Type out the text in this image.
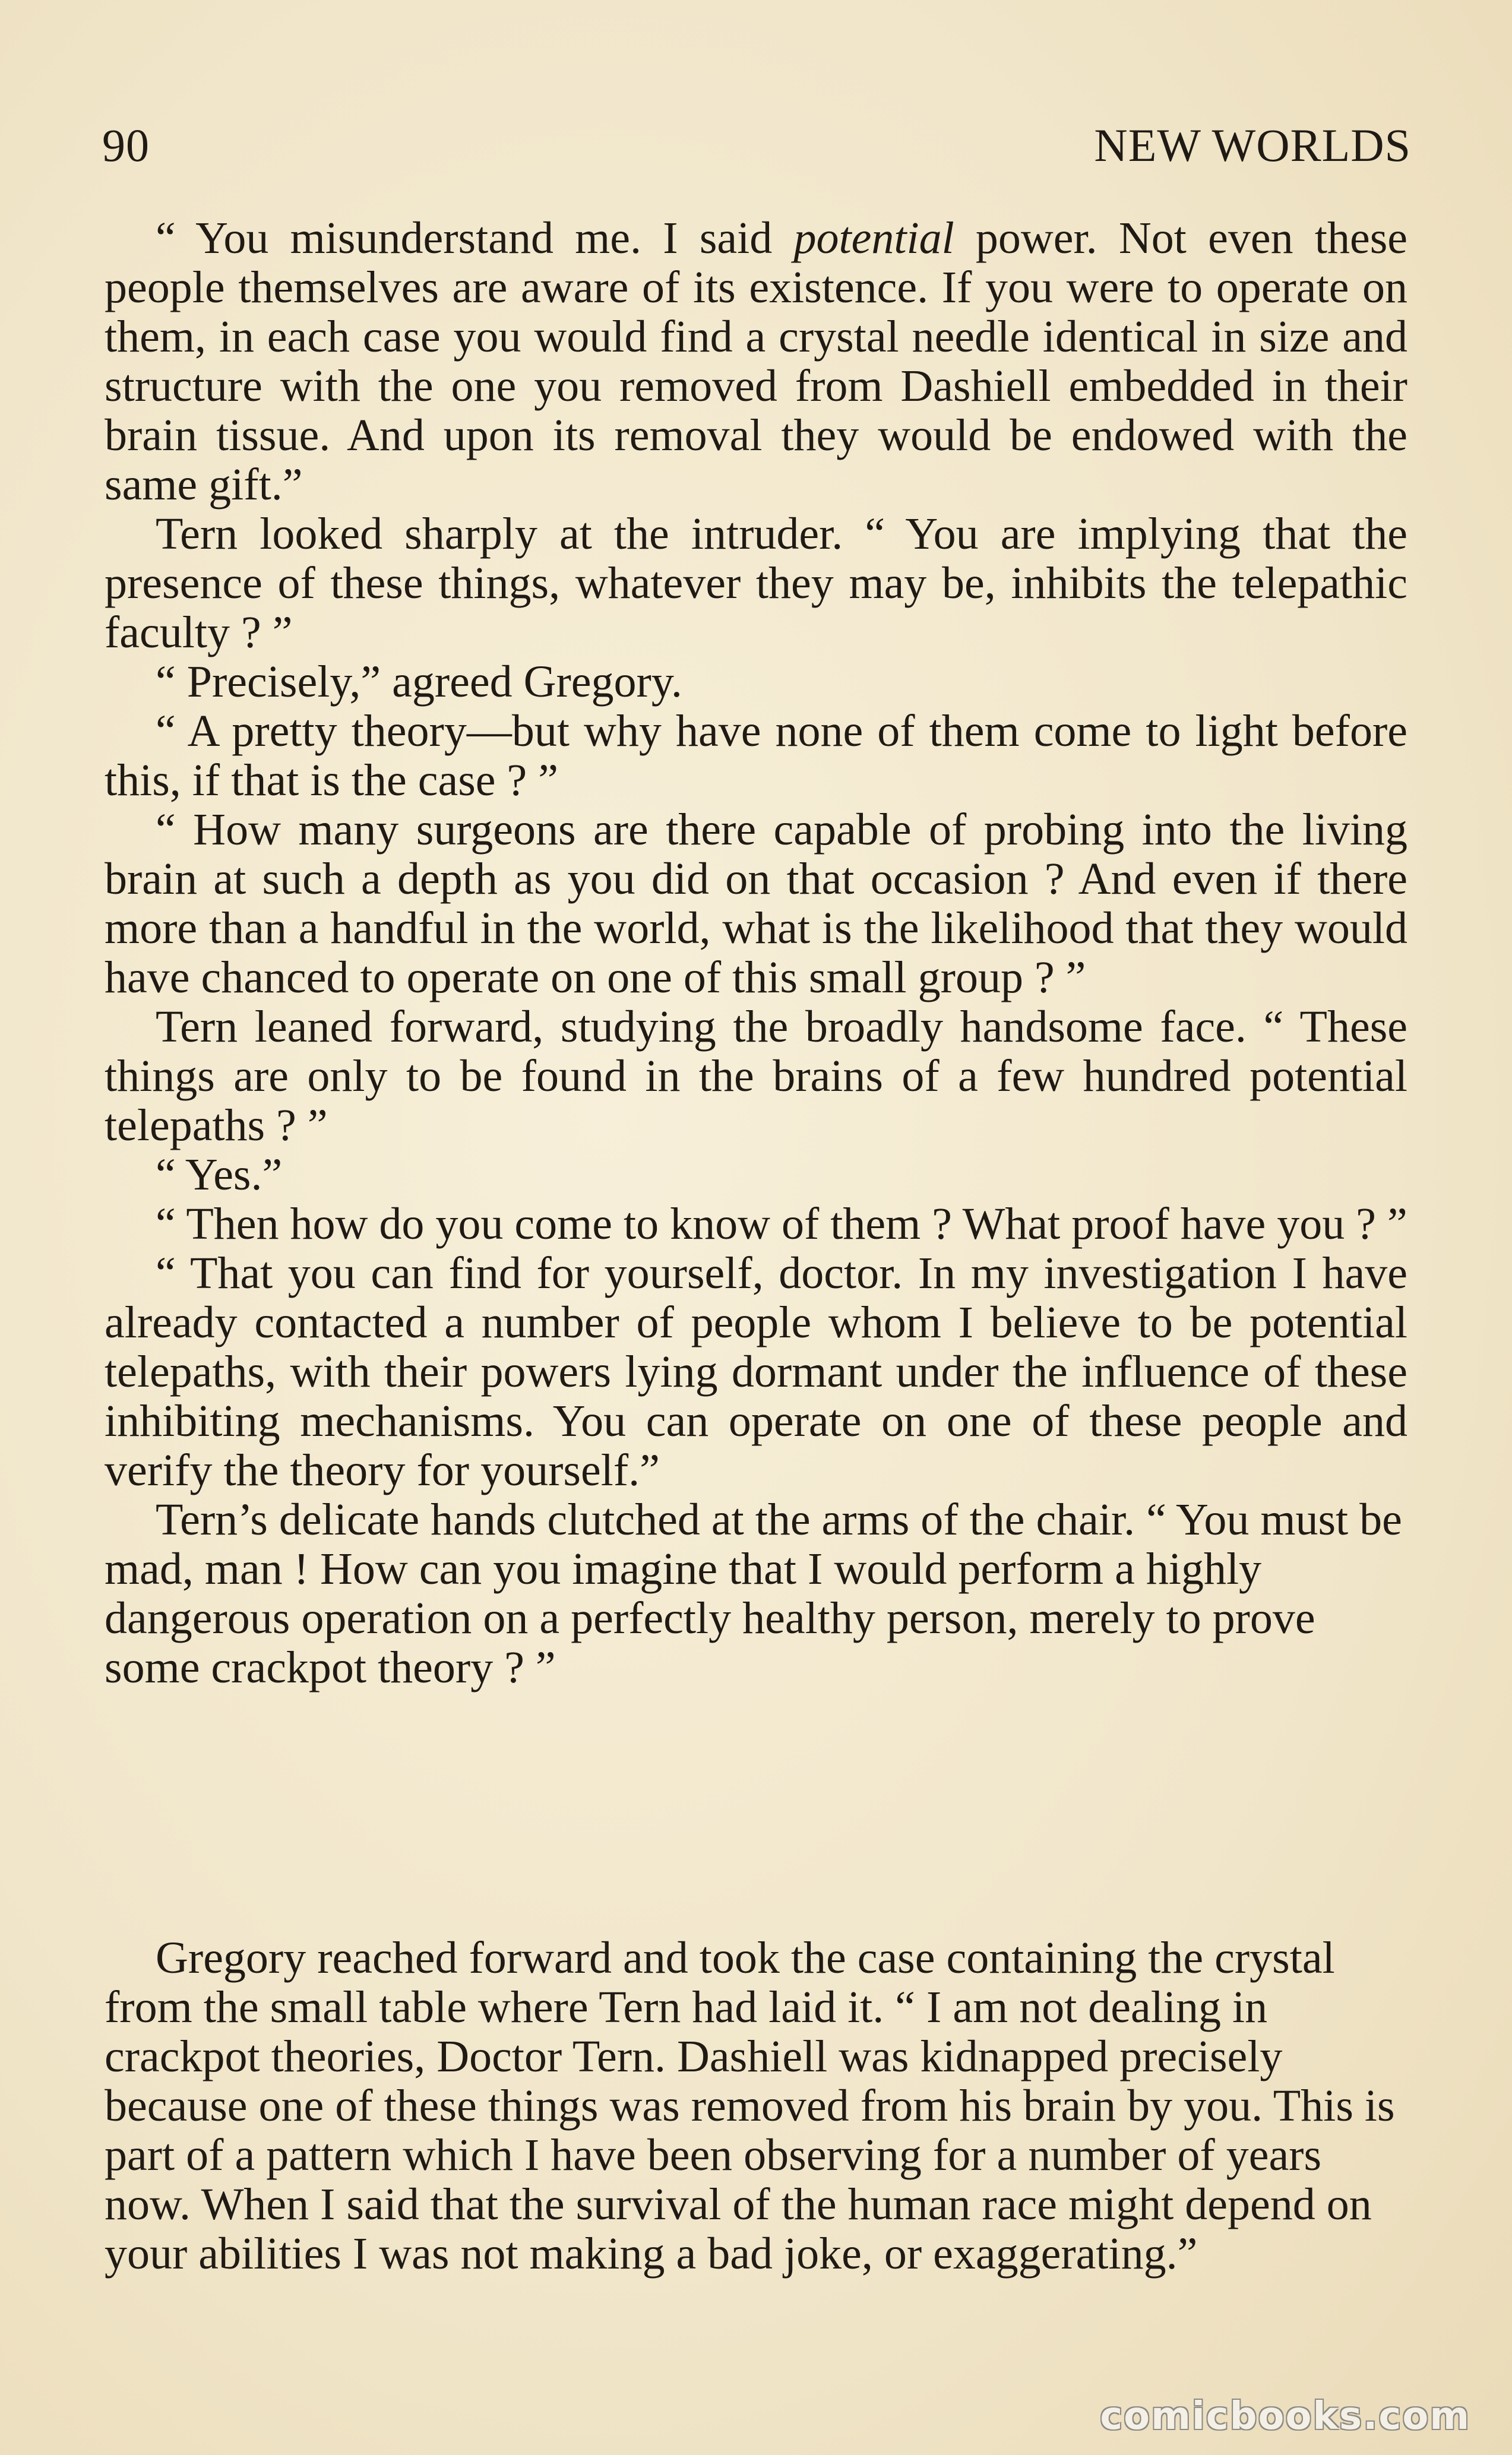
90	NEW WORLDS

“ You misunderstand me. I said potential power. Not even these people themselves are aware of its existence. If you were to operate on them, in each case you would find a crystal needle identical in size and structure with the one you removed from Dashiell embedded in their brain tissue. And upon its removal they would be endowed with the same gift.”

Tern looked sharply at the intruder. “ You are implying that the presence of these things, whatever they may be, inhibits the telepathic faculty ? ”

“ Precisely,” agreed Gregory.

“ A pretty theory—but why have none of them come to light before this, if that is the case ? ”

“ How many surgeons are there capable of probing into the living brain at such a depth as you did on that occasion ? And even if there more than a handful in the world, what is the likelihood that they would have chanced to operate on one of this small group ? ”

Tern leaned forward, studying the broadly handsome face. “ These things are only to be found in the brains of a few hundred potential telepaths ? ”

“ Yes.”

“ Then how do you come to know of them ? What proof have you ? ”

“ That you can find for yourself, doctor. In my investigation I have already contacted a number of people whom I believe to be potential telepaths, with their powers lying dormant under the influence of these inhibiting mechanisms. You can operate on one of these people and verify the theory for yourself.”

Tern’s delicate hands clutched at the arms of the chair. “ You must be mad, man ! How can you imagine that I would perform a highly dangerous operation on a perfectly healthy person, merely to prove some crackpot theory ? ”

Gregory reached forward and took the case containing the crystal from the small table where Tern had laid it. “ I am not dealing in crackpot theories, Doctor Tern. Dashiell was kidnapped precisely because one of these things was removed from his brain by you. This is part of a pattern which I have been observing for a number of years now. When I said that the survival of the human race might depend on your abilities I was not making a bad joke, or exaggerating.”

comicbooks.com
